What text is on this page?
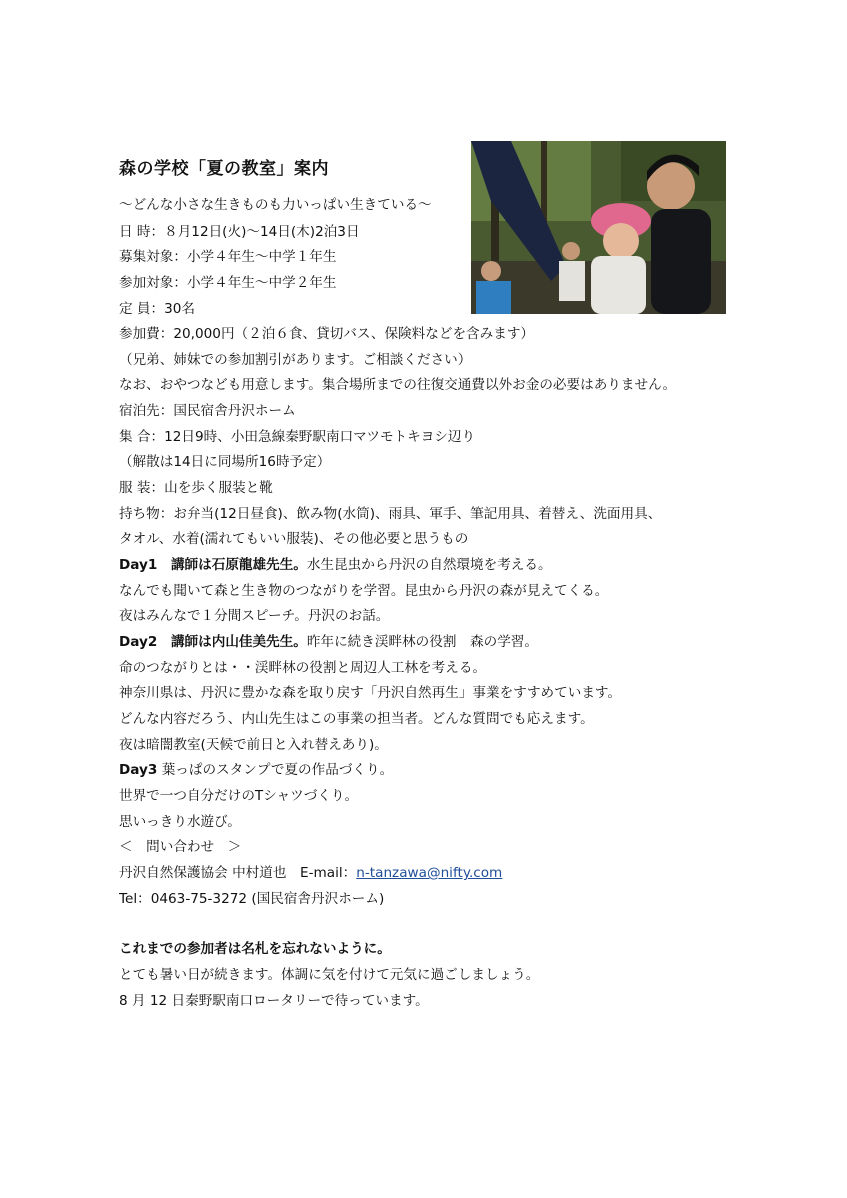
森の学校「夏の教室」案内
～どんな小さな生きものも力いっぱい生きている～
日 時：８月12日(火)～14日(木)2泊3日
募集対象：小学４年生～中学１年生
参加対象：小学４年生～中学２年生
定 員：30名
参加費：20,000円（２泊６食、貸切バス、保険料などを含みます）
（兄弟、姉妹での参加割引があります。ご相談ください）
なお、おやつなども用意します。集合場所までの往復交通費以外お金の必要はありません。
宿泊先：国民宿舎丹沢ホーム
集 合：12日9時、小田急線秦野駅南口マツモトキヨシ辺り
（解散は14日に同場所16時予定）
服 装：山を歩く服装と靴
持ち物：お弁当(12日昼食)、飲み物(水筒)、雨具、軍手、筆記用具、着替え、洗面用具、
タオル、水着(濡れてもいい服装)、その他必要と思うもの
Day1　講師は石原龍雄先生。水生昆虫から丹沢の自然環境を考える。
なんでも聞いて森と生き物のつながりを学習。昆虫から丹沢の森が見えてくる。
夜はみんなで１分間スピーチ。丹沢のお話。
Day2　講師は内山佳美先生。昨年に続き渓畔林の役割　森の学習。
命のつながりとは・・渓畔林の役割と周辺人工林を考える。
神奈川県は、丹沢に豊かな森を取り戻す「丹沢自然再生」事業をすすめています。
どんな内容だろう、内山先生はこの事業の担当者。どんな質問でも応えます。
夜は暗闇教室(天候で前日と入れ替えあり)。
Day3 葉っぱのスタンプで夏の作品づくり。
世界で一つ自分だけのTシャツづくり。
思いっきり水遊び。
＜　問い合わせ　＞
丹沢自然保護協会 中村道也　E-mail：n-tanzawa@nifty.com
Tel：0463-75-3272 (国民宿舎丹沢ホーム)
これまでの参加者は名札を忘れないように。
とても暑い日が続きます。体調に気を付けて元気に過ごしましょう。
8 月 12 日秦野駅南口ロータリーで待っています。
